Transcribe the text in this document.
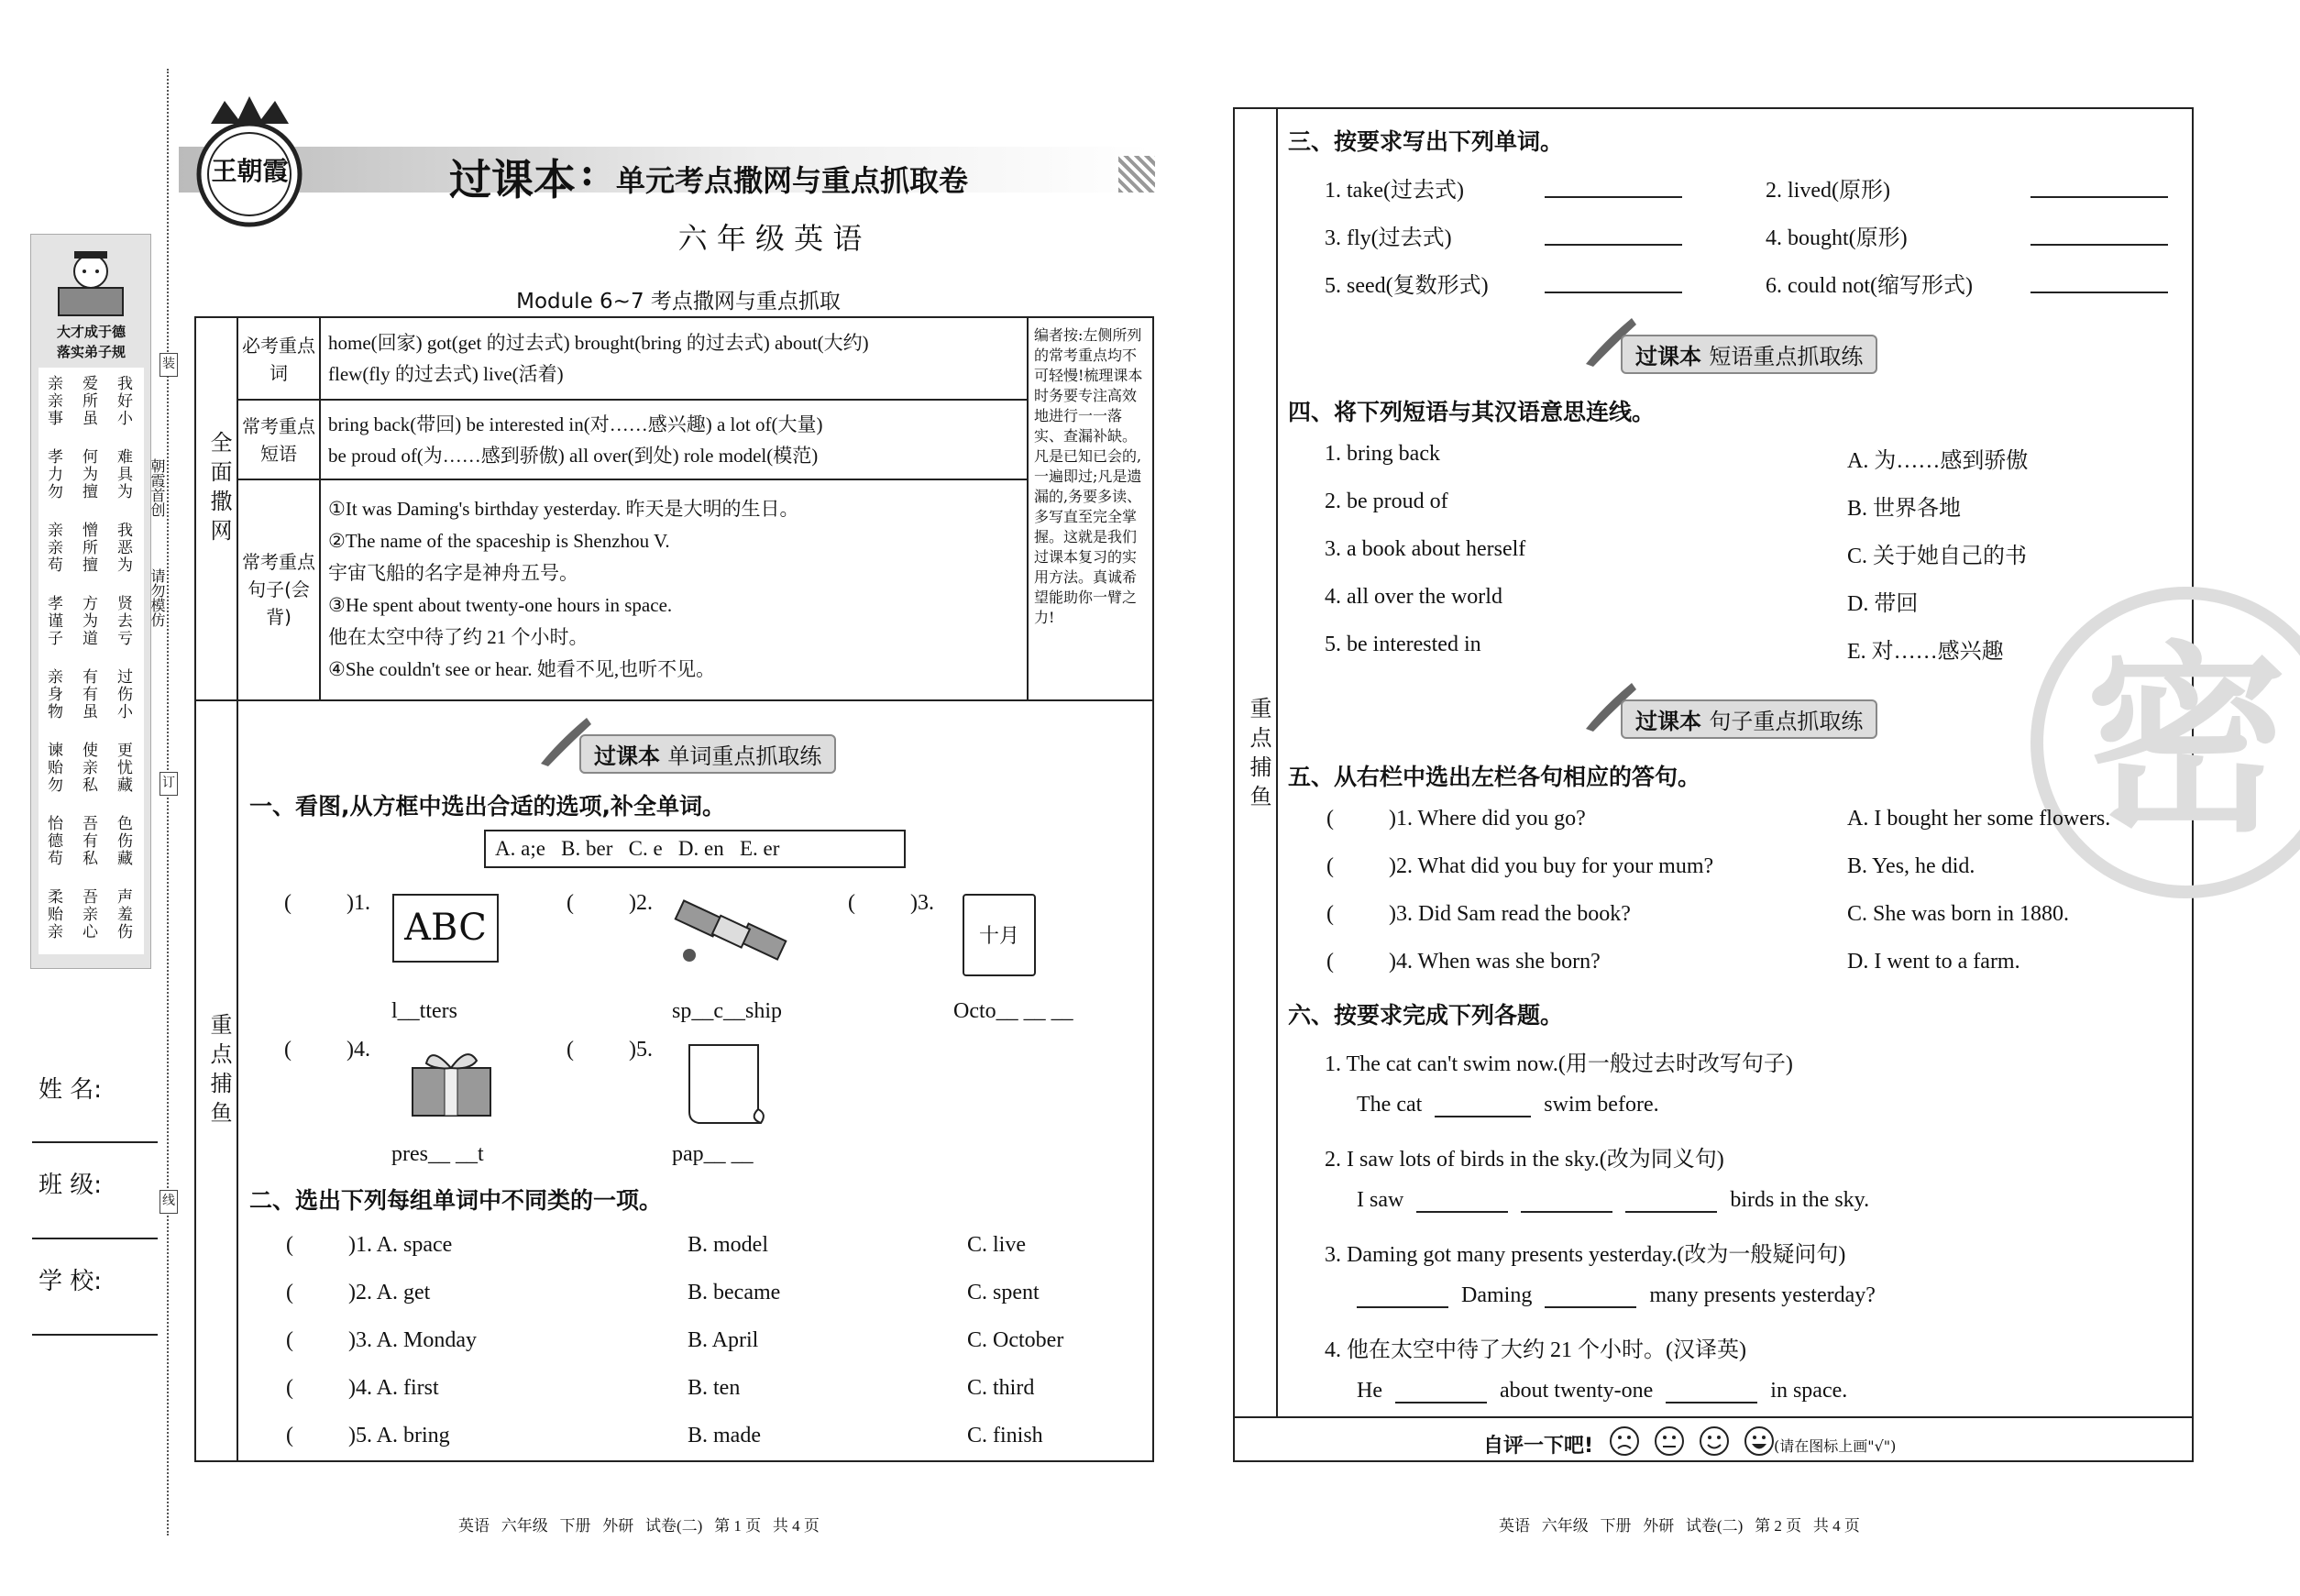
大才成于德
落实弟子规
亲亲事 爱所虽 我好小
孝力勿 何为擅 难具为
亲亲苟 憎所擅 我恶为
孝谨子 方为道 贤去亏
亲身物 有有虽 过伤小
谏贻勿 使亲私 更忧藏
怡德苟 吾有私 色伤藏
柔贻亲 吾亲心 声羞伤
朝霞首创
请勿模仿
装
订
线
姓 名:
班 级:
学 校:
王朝霞	过课本 : 单元考点撒网与重点抓取卷
六 年 级 英 语
Module 6~7 考点撒网与重点抓取
全面撒网
必考重点词
home(回家) got(get 的过去式) brought(bring 的过去式) about(大约)
flew(fly 的过去式) live(活着)
常考重点短语
bring back(带回) be interested in(对……感兴趣) a lot of(大量)
be proud of(为……感到骄傲) all over(到处) role model(模范)
常考重点句子(会背)
①It was Daming's birthday yesterday. 昨天是大明的生日。
②The name of the spaceship is Shenzhou V.
宇宙飞船的名字是神舟五号。
③He spent about twenty-one hours in space.
他在太空中待了约 21 个小时。
④She couldn't see or hear. 她看不见,也听不见。
编者按:左侧所列的常考重点均不可轻慢!梳理课本时务要专注高效地进行一一落实、查漏补缺。凡是已知已会的,一遍即过;凡是遗漏的,务要多读、多写直至完全掌握。这就是我们过课本复习的实用方法。真诚希望能助你一臂之力!
重点捕鱼
过课本 单词重点抓取练
一、看图,从方框中选出合适的选项,补全单词。
A. a;e   B. ber   C. e   D. en   E. er
(	)1.
ABC
l__tters
(	)2.
sp__c__ship
(	)3.
十月
Octo__ __ __
(	)4.
pres__ __t
(	)5.
pap__ __
二、选出下列每组单词中不同类的一项。
(	)1. A. space	B. model	C. live
(	)2. A. get	B. became	C. spent
(	)3. A. Monday	B. April	C. October
(	)4. A. first	B. ten	C. third
(	)5. A. bring	B. made	C. finish
重点捕鱼	密
三、按要求写出下列单词。
1. take(过去式)	2. lived(原形)
3. fly(过去式)	4. bought(原形)
5. seed(复数形式)	6. could not(缩写形式)
过课本 短语重点抓取练
四、将下列短语与其汉语意思连线。
1. bring back	A. 为……感到骄傲
2. be proud of	B. 世界各地
3. a book about herself	C. 关于她自己的书
4. all over the world	D. 带回
5. be interested in	E. 对……感兴趣
过课本 句子重点抓取练
五、从右栏中选出左栏各句相应的答句。
(	)1. Where did you go?	A. I bought her some flowers.
(	)2. What did you buy for your mum?	B. Yes, he did.
(	)3. Did Sam read the book?	C. She was born in 1880.
(	)4. When was she born?	D. I went to a farm.
六、按要求完成下列各题。
1. The cat can't swim now.(用一般过去时改写句子)
The cat	swim before.
2. I saw lots of birds in the sky.(改为同义句)
I saw	birds in the sky.
3. Daming got many presents yesterday.(改为一般疑问句)
Daming	many presents yesterday?
4. 他在太空中待了大约 21 个小时。(汉译英)
He	about twenty-one	in space.
自评一下吧!	(请在图标上画"√")
英语   六年级   下册   外研   试卷(二)   第 1 页   共 4 页	英语   六年级   下册   外研   试卷(二)   第 2 页   共 4 页
